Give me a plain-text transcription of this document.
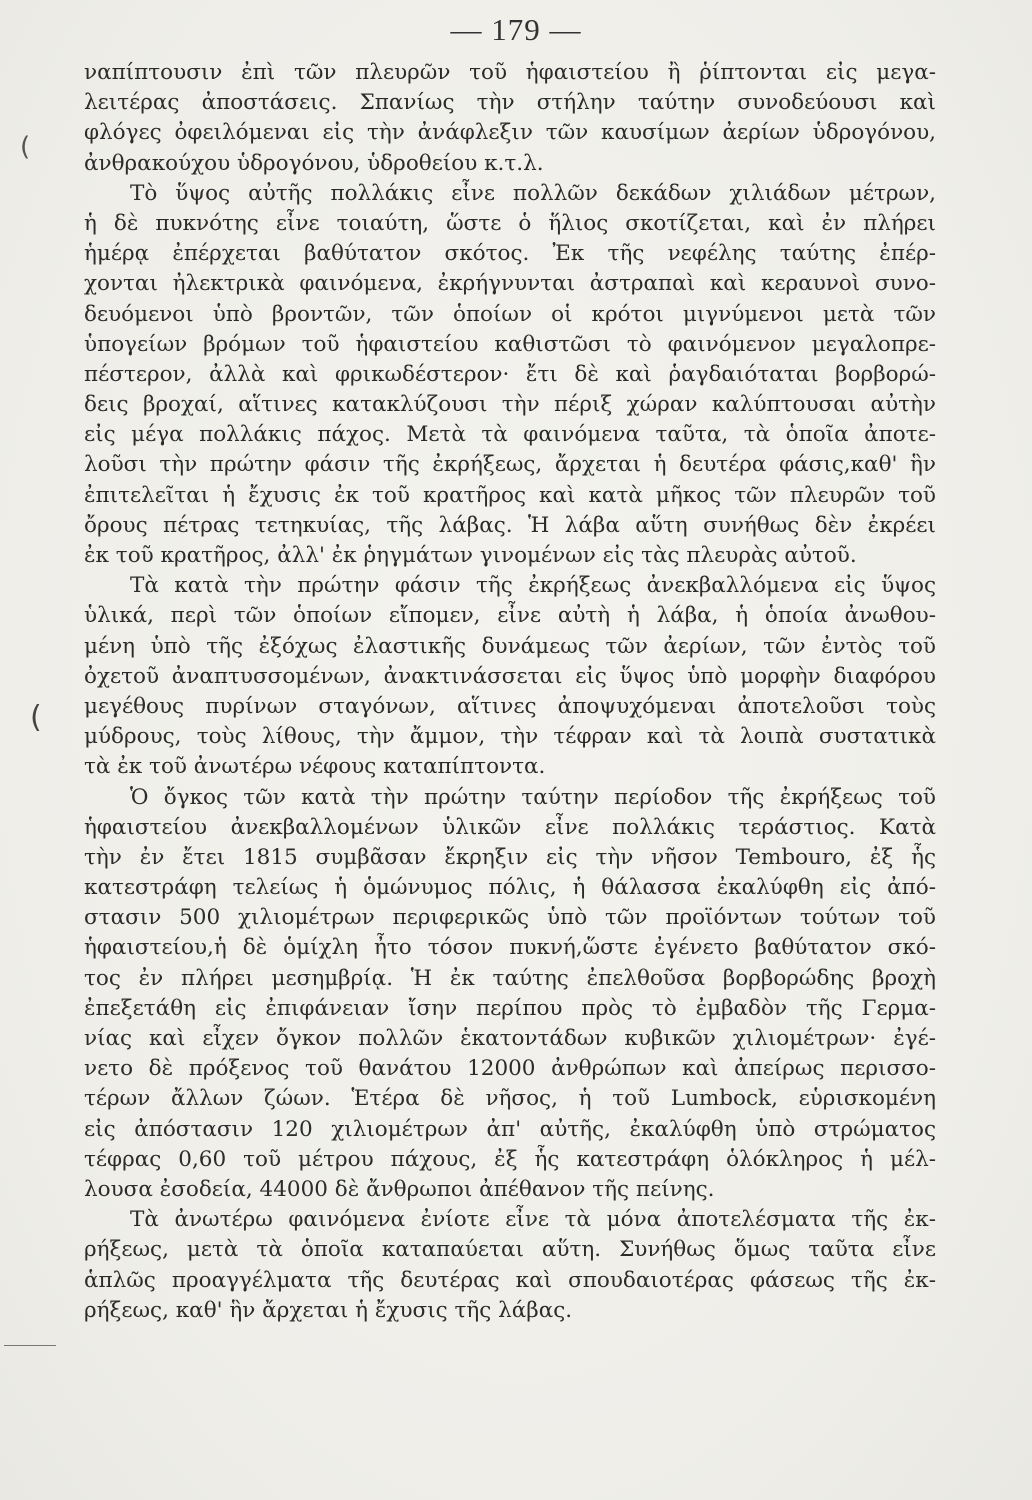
— 179 —
(
(
ναπίπτουσιν ἐπὶ τῶν πλευρῶν τοῦ ἡφαιστείου ἢ ῥίπτονται εἰς μεγα-
λειτέρας ἀποστάσεις. Σπανίως τὴν στήλην ταύτην συνοδεύουσι καὶ
φλόγες ὀφειλόμεναι εἰς τὴν ἀνάφλεξιν τῶν καυσίμων ἀερίων ὑδρογόνου,
ἀνθρακούχου ὑδρογόνου, ὑδροθείου κ.τ.λ.
Τὸ ὕψος αὐτῆς πολλάκις εἶνε πολλῶν δεκάδων χιλιάδων μέτρων,
ἡ δὲ πυκνότης εἶνε τοιαύτη, ὥστε ὁ ἥλιος σκοτίζεται, καὶ ἐν πλήρει
ἡμέρᾳ ἐπέρχεται βαθύτατον σκότος. Ἐκ τῆς νεφέλης ταύτης ἐπέρ-
χονται ἠλεκτρικὰ φαινόμενα, ἐκρήγνυνται ἀστραπαὶ καὶ κεραυνοὶ συνο-
δευόμενοι ὑπὸ βροντῶν, τῶν ὁποίων οἱ κρότοι μιγνύμενοι μετὰ τῶν
ὑπογείων βρόμων τοῦ ἡφαιστείου καθιστῶσι τὸ φαινόμενον μεγαλοπρε-
πέστερον, ἀλλὰ καὶ φρικωδέστερον· ἔτι δὲ καὶ ῥαγδαιόταται βορβορώ-
δεις βροχαί, αἵτινες κατακλύζουσι τὴν πέριξ χώραν καλύπτουσαι αὐτὴν
εἰς μέγα πολλάκις πάχος. Μετὰ τὰ φαινόμενα ταῦτα, τὰ ὁποῖα ἀποτε-
λοῦσι τὴν πρώτην φάσιν τῆς ἐκρήξεως, ἄρχεται ἡ δευτέρα φάσις,καθ' ἣν
ἐπιτελεῖται ἡ ἔχυσις ἐκ τοῦ κρατῆρος καὶ κατὰ μῆκος τῶν πλευρῶν τοῦ
ὄρους πέτρας τετηκυίας, τῆς λάβας. Ἡ λάβα αὕτη συνήθως δὲν ἐκρέει
ἐκ τοῦ κρατῆρος, ἀλλ' ἐκ ῥηγμάτων γινομένων εἰς τὰς πλευρὰς αὐτοῦ.
Τὰ κατὰ τὴν πρώτην φάσιν τῆς ἐκρήξεως ἀνεκβαλλόμενα εἰς ὕψος
ὑλικά, περὶ τῶν ὁποίων εἴπομεν, εἶνε αὐτὴ ἡ λάβα, ἡ ὁποία ἀνωθου-
μένη ὑπὸ τῆς ἐξόχως ἐλαστικῆς δυνάμεως τῶν ἀερίων, τῶν ἐντὸς τοῦ
ὀχετοῦ ἀναπτυσσομένων, ἀνακτινάσσεται εἰς ὕψος ὑπὸ μορφὴν διαφόρου
μεγέθους πυρίνων σταγόνων, αἵτινες ἀποψυχόμεναι ἀποτελοῦσι τοὺς
μύδρους, τοὺς λίθους, τὴν ἄμμον, τὴν τέφραν καὶ τὰ λοιπὰ συστατικὰ
τὰ ἐκ τοῦ ἀνωτέρω νέφους καταπίπτοντα.
Ὁ ὄγκος τῶν κατὰ τὴν πρώτην ταύτην περίοδον τῆς ἐκρήξεως τοῦ
ἡφαιστείου ἀνεκβαλλομένων ὑλικῶν εἶνε πολλάκις τεράστιος. Κατὰ
τὴν ἐν ἔτει 1815 συμβᾶσαν ἔκρηξιν εἰς τὴν νῆσον Tembouro, ἐξ ἧς
κατεστράφη τελείως ἡ ὁμώνυμος πόλις, ἡ θάλασσα ἐκαλύφθη εἰς ἀπό-
στασιν 500 χιλιομέτρων περιφερικῶς ὑπὸ τῶν προϊόντων τούτων τοῦ
ἡφαιστείου,ἡ δὲ ὁμίχλη ἦτο τόσον πυκνή,ὥστε ἐγένετο βαθύτατον σκό-
τος ἐν πλήρει μεσημβρίᾳ. Ἡ ἐκ ταύτης ἐπελθοῦσα βορβορώδης βροχὴ
ἐπεξετάθη εἰς ἐπιφάνειαν ἴσην περίπου πρὸς τὸ ἐμβαδὸν τῆς Γερμα-
νίας καὶ εἶχεν ὄγκον πολλῶν ἑκατοντάδων κυβικῶν χιλιομέτρων· ἐγέ-
νετο δὲ πρόξενος τοῦ θανάτου 12000 ἀνθρώπων καὶ ἀπείρως περισσο-
τέρων ἄλλων ζώων. Ἑτέρα δὲ νῆσος, ἡ τοῦ Lumbock, εὑρισκομένη
εἰς ἀπόστασιν 120 χιλιομέτρων ἀπ' αὐτῆς, ἐκαλύφθη ὑπὸ στρώματος
τέφρας 0,60 τοῦ μέτρου πάχους, ἐξ ἧς κατεστράφη ὁλόκληρος ἡ μέλ-
λουσα ἐσοδεία, 44000 δὲ ἄνθρωποι ἀπέθανον τῆς πείνης.
Τὰ ἀνωτέρω φαινόμενα ἐνίοτε εἶνε τὰ μόνα ἀποτελέσματα τῆς ἐκ-
ρήξεως, μετὰ τὰ ὁποῖα καταπαύεται αὕτη. Συνήθως ὅμως ταῦτα εἶνε
ἁπλῶς προαγγέλματα τῆς δευτέρας καὶ σπουδαιοτέρας φάσεως τῆς ἐκ-
ρήξεως, καθ' ἣν ἄρχεται ἡ ἔχυσις τῆς λάβας.
